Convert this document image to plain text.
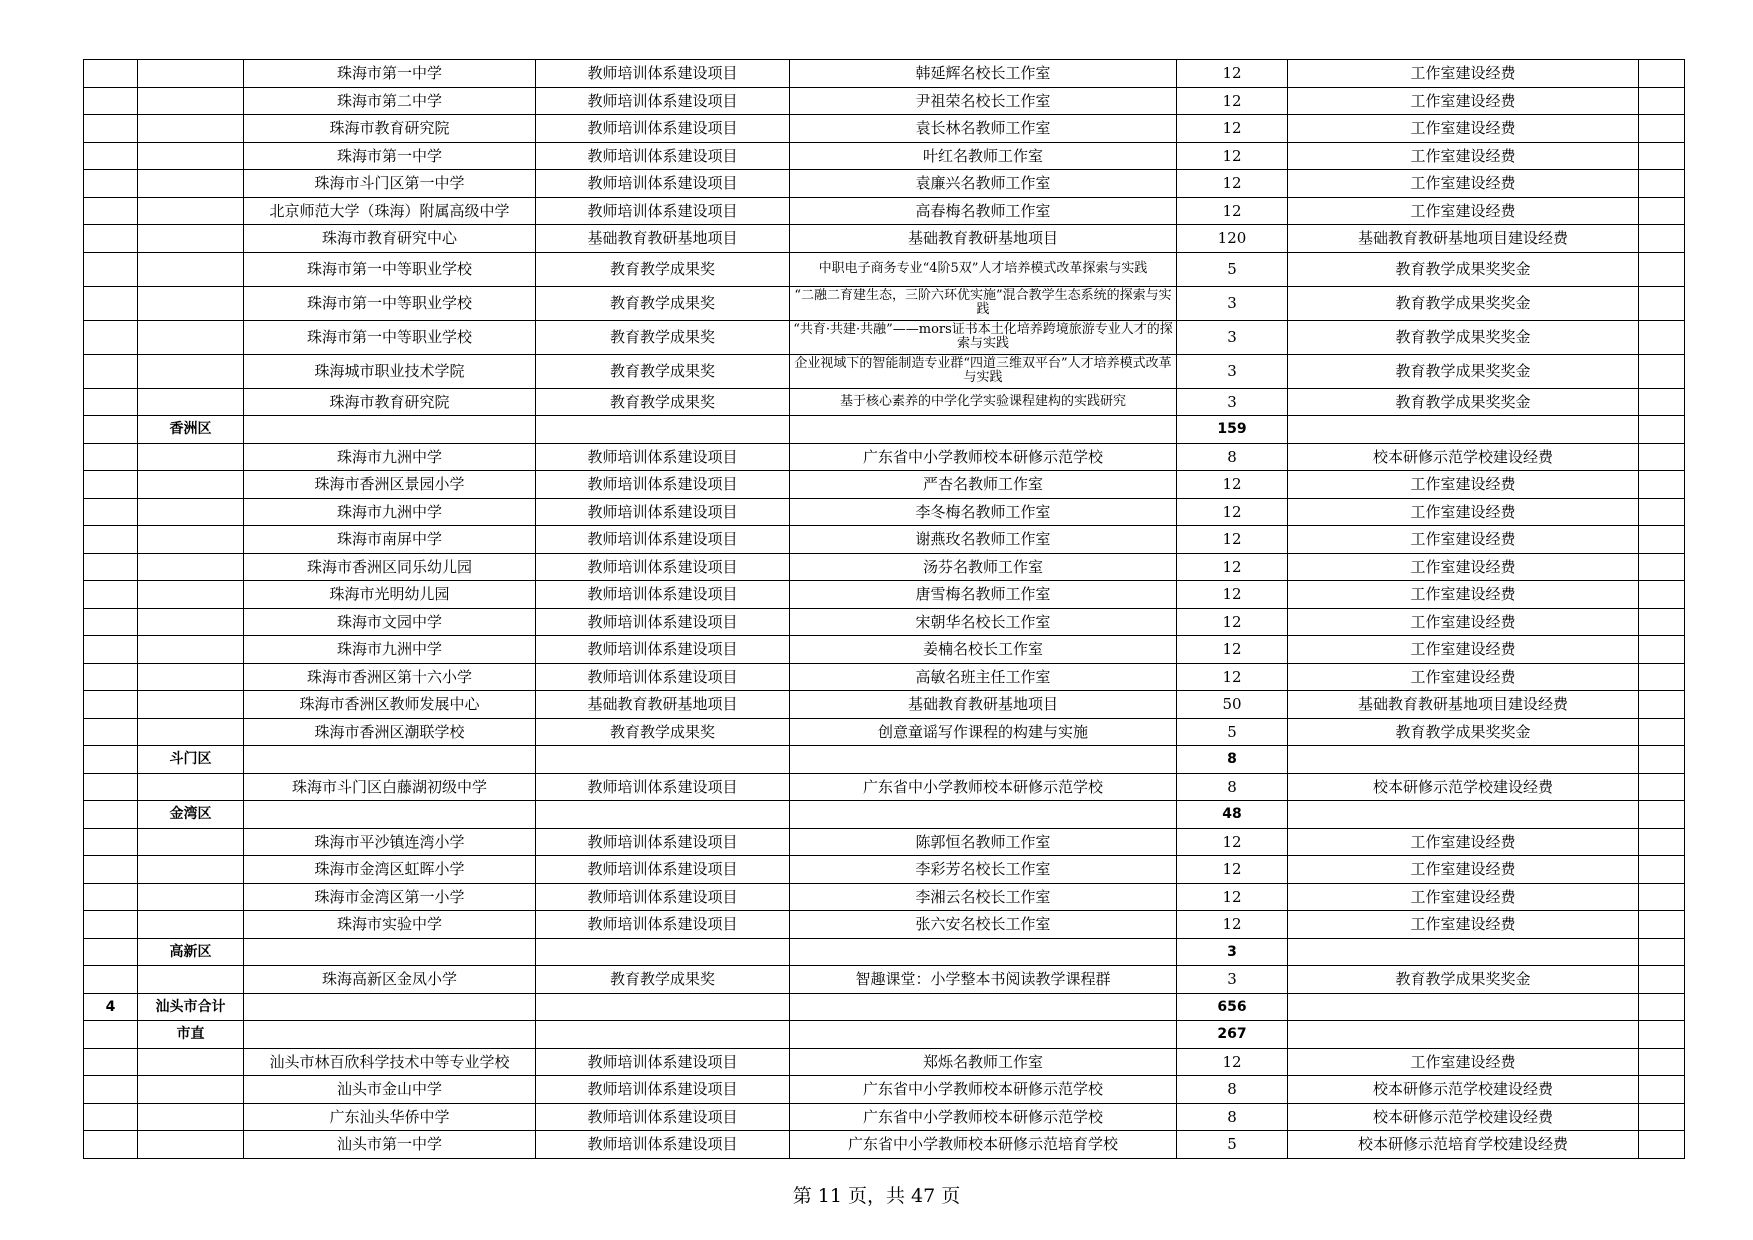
		珠海市第一中学	教师培训体系建设项目	韩延辉名校长工作室	12	工作室建设经费	
		珠海市第二中学	教师培训体系建设项目	尹祖荣名校长工作室	12	工作室建设经费	
		珠海市教育研究院	教师培训体系建设项目	袁长林名教师工作室	12	工作室建设经费	
		珠海市第一中学	教师培训体系建设项目	叶红名教师工作室	12	工作室建设经费	
		珠海市斗门区第一中学	教师培训体系建设项目	袁廉兴名教师工作室	12	工作室建设经费	
		北京师范大学（珠海）附属高级中学	教师培训体系建设项目	高春梅名教师工作室	12	工作室建设经费	
		珠海市教育研究中心	基础教育教研基地项目	基础教育教研基地项目	120	基础教育教研基地项目建设经费	
		珠海市第一中等职业学校	教育教学成果奖	中职电子商务专业“4阶5双”人才培养模式改革探索与实践	5	教育教学成果奖奖金	
		珠海市第一中等职业学校	教育教学成果奖	“二融二育建生态，三阶六环优实施”混合教学生态系统的探索与实践	3	教育教学成果奖奖金	
		珠海市第一中等职业学校	教育教学成果奖	“共育·共建·共融”——mors证书本土化培养跨境旅游专业人才的探索与实践	3	教育教学成果奖奖金	
		珠海城市职业技术学院	教育教学成果奖	企业视域下的智能制造专业群“四道三维双平台”人才培养模式改革与实践	3	教育教学成果奖奖金	
		珠海市教育研究院	教育教学成果奖	基于核心素养的中学化学实验课程建构的实践研究	3	教育教学成果奖奖金	
	香洲区				159		
		珠海市九洲中学	教师培训体系建设项目	广东省中小学教师校本研修示范学校	8	校本研修示范学校建设经费	
		珠海市香洲区景园小学	教师培训体系建设项目	严杏名教师工作室	12	工作室建设经费	
		珠海市九洲中学	教师培训体系建设项目	李冬梅名教师工作室	12	工作室建设经费	
		珠海市南屏中学	教师培训体系建设项目	谢燕玫名教师工作室	12	工作室建设经费	
		珠海市香洲区同乐幼儿园	教师培训体系建设项目	汤芬名教师工作室	12	工作室建设经费	
		珠海市光明幼儿园	教师培训体系建设项目	唐雪梅名教师工作室	12	工作室建设经费	
		珠海市文园中学	教师培训体系建设项目	宋朝华名校长工作室	12	工作室建设经费	
		珠海市九洲中学	教师培训体系建设项目	姜楠名校长工作室	12	工作室建设经费	
		珠海市香洲区第十六小学	教师培训体系建设项目	高敏名班主任工作室	12	工作室建设经费	
		珠海市香洲区教师发展中心	基础教育教研基地项目	基础教育教研基地项目	50	基础教育教研基地项目建设经费	
		珠海市香洲区潮联学校	教育教学成果奖	创意童谣写作课程的构建与实施	5	教育教学成果奖奖金	
	斗门区				8		
		珠海市斗门区白藤湖初级中学	教师培训体系建设项目	广东省中小学教师校本研修示范学校	8	校本研修示范学校建设经费	
	金湾区				48		
		珠海市平沙镇连湾小学	教师培训体系建设项目	陈郭恒名教师工作室	12	工作室建设经费	
		珠海市金湾区虹晖小学	教师培训体系建设项目	李彩芳名校长工作室	12	工作室建设经费	
		珠海市金湾区第一小学	教师培训体系建设项目	李湘云名校长工作室	12	工作室建设经费	
		珠海市实验中学	教师培训体系建设项目	张六安名校长工作室	12	工作室建设经费	
	高新区				3		
		珠海高新区金凤小学	教育教学成果奖	智趣课堂：小学整本书阅读教学课程群	3	教育教学成果奖奖金	
4	汕头市合计				656		
	市直				267		
		汕头市林百欣科学技术中等专业学校	教师培训体系建设项目	郑烁名教师工作室	12	工作室建设经费	
		汕头市金山中学	教师培训体系建设项目	广东省中小学教师校本研修示范学校	8	校本研修示范学校建设经费	
		广东汕头华侨中学	教师培训体系建设项目	广东省中小学教师校本研修示范学校	8	校本研修示范学校建设经费	
		汕头市第一中学	教师培训体系建设项目	广东省中小学教师校本研修示范培育学校	5	校本研修示范培育学校建设经费	
第 11 页，共 47 页
